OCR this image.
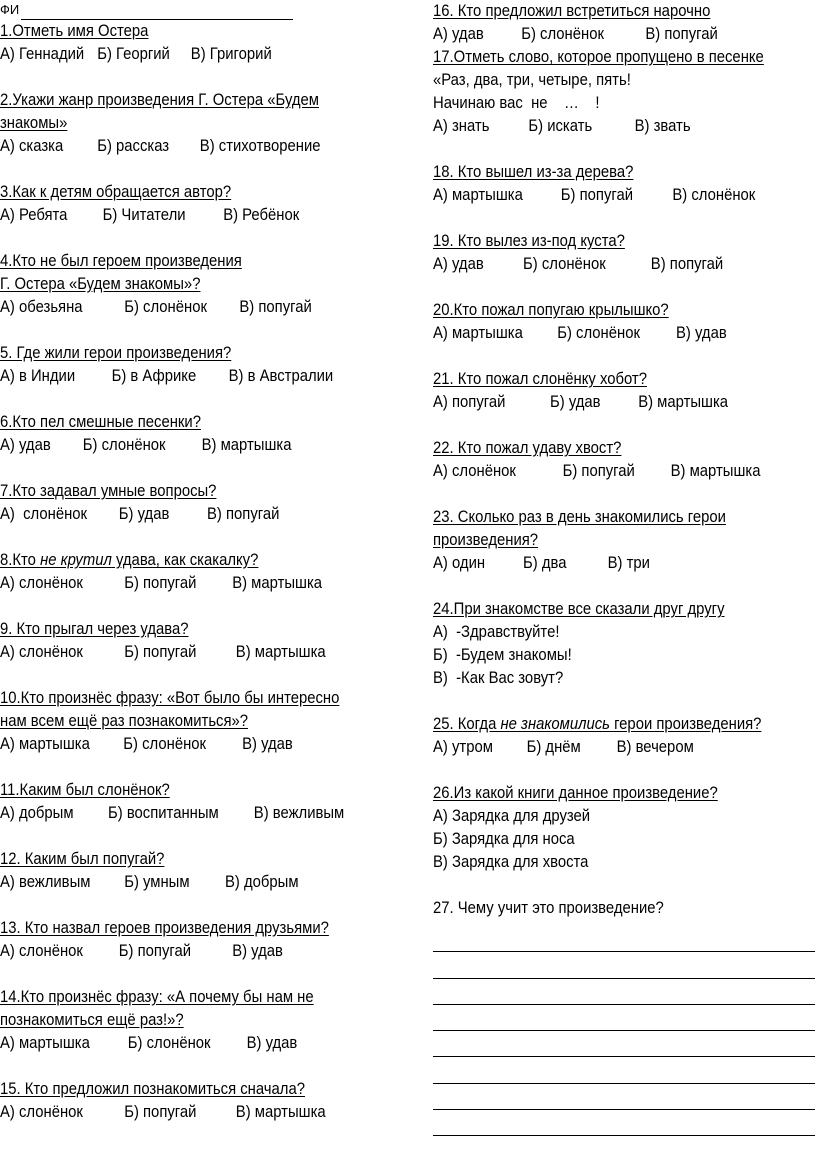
ФИ
1.Отметь имя Остера
А) Геннадий Б) Георгий В) Григорий
2.Укажи жанр произведения Г. Остера «Будем
знакомы»
А) сказка Б) рассказ В) стихотворение
3.Как к детям обращается автор?
А) Ребята Б) Читатели В) Ребёнок
4.Кто не был героем произведения
Г. Остера «Будем знакомы»?
А) обезьяна	Б) слонёнок В) попугай
5. Где жили герои произведения?
А) в Индии Б) в Африке В) в Австралии
6.Кто пел смешные песенки?
А) удав Б) слонёнок В) мартышка
7.Кто задавал умные вопросы?
А)  слонёнок Б) удав В) попугай
8.Кто не крутил удава, как скакалку?
А) слонёнок	Б) попугай В) мартышка
9. Кто прыгал через удава?
А) слонёнок	Б) попугай В) мартышка
10.Кто произнёс фразу: «Вот было бы интересно
нам всем ещё раз познакомиться»?
А) мартышка Б) слонёнок В) удав
11.Каким был слонёнок?
А) добрым Б) воспитанным В) вежливым
12. Каким был попугай?
А) вежливым Б) умным В) добрым
13. Кто назвал героев произведения друзьями?
А) слонёнок Б) попугай В) удав
14.Кто произнёс фразу: «А почему бы нам не
познакомиться ещё раз!»?
А) мартышка Б) слонёнок В) удав
15. Кто предложил познакомиться сначала?
А) слонёнок	Б) попугай В) мартышка
16. Кто предложил встретиться нарочно
А) удав Б) слонёнок	В) попугай
17.Отметь слово, которое пропущено в песенке
«Раз, два, три, четыре, пять!
Начинаю вас  не    …    !
А) знать Б) искать	В) звать
18. Кто вышел из-за дерева?
А) мартышка Б) попугай В) слонёнок
19. Кто вылез из-под куста?
А) удав Б) слонёнок	В) попугай
20.Кто пожал попугаю крылышко?
А) мартышка Б) слонёнок В) удав
21. Кто пожал слонёнку хобот?
А) попугай	Б) удав В) мартышка
22. Кто пожал удаву хвост?
А) слонёнок	Б) попугай В) мартышка
23. Сколько раз в день знакомились герои
произведения?
А) один Б) два В) три
24.При знакомстве все сказали друг другу
А)  -Здравствуйте!
Б)  -Будем знакомы!
В)  -Как Вас зовут?
25. Когда не знакомились герои произведения?
А) утром Б) днём В) вечером
26.Из какой книги данное произведение?
А) Зарядка для друзей
Б) Зарядка для носа
В) Зарядка для хвоста
27. Чему учит это произведение?
